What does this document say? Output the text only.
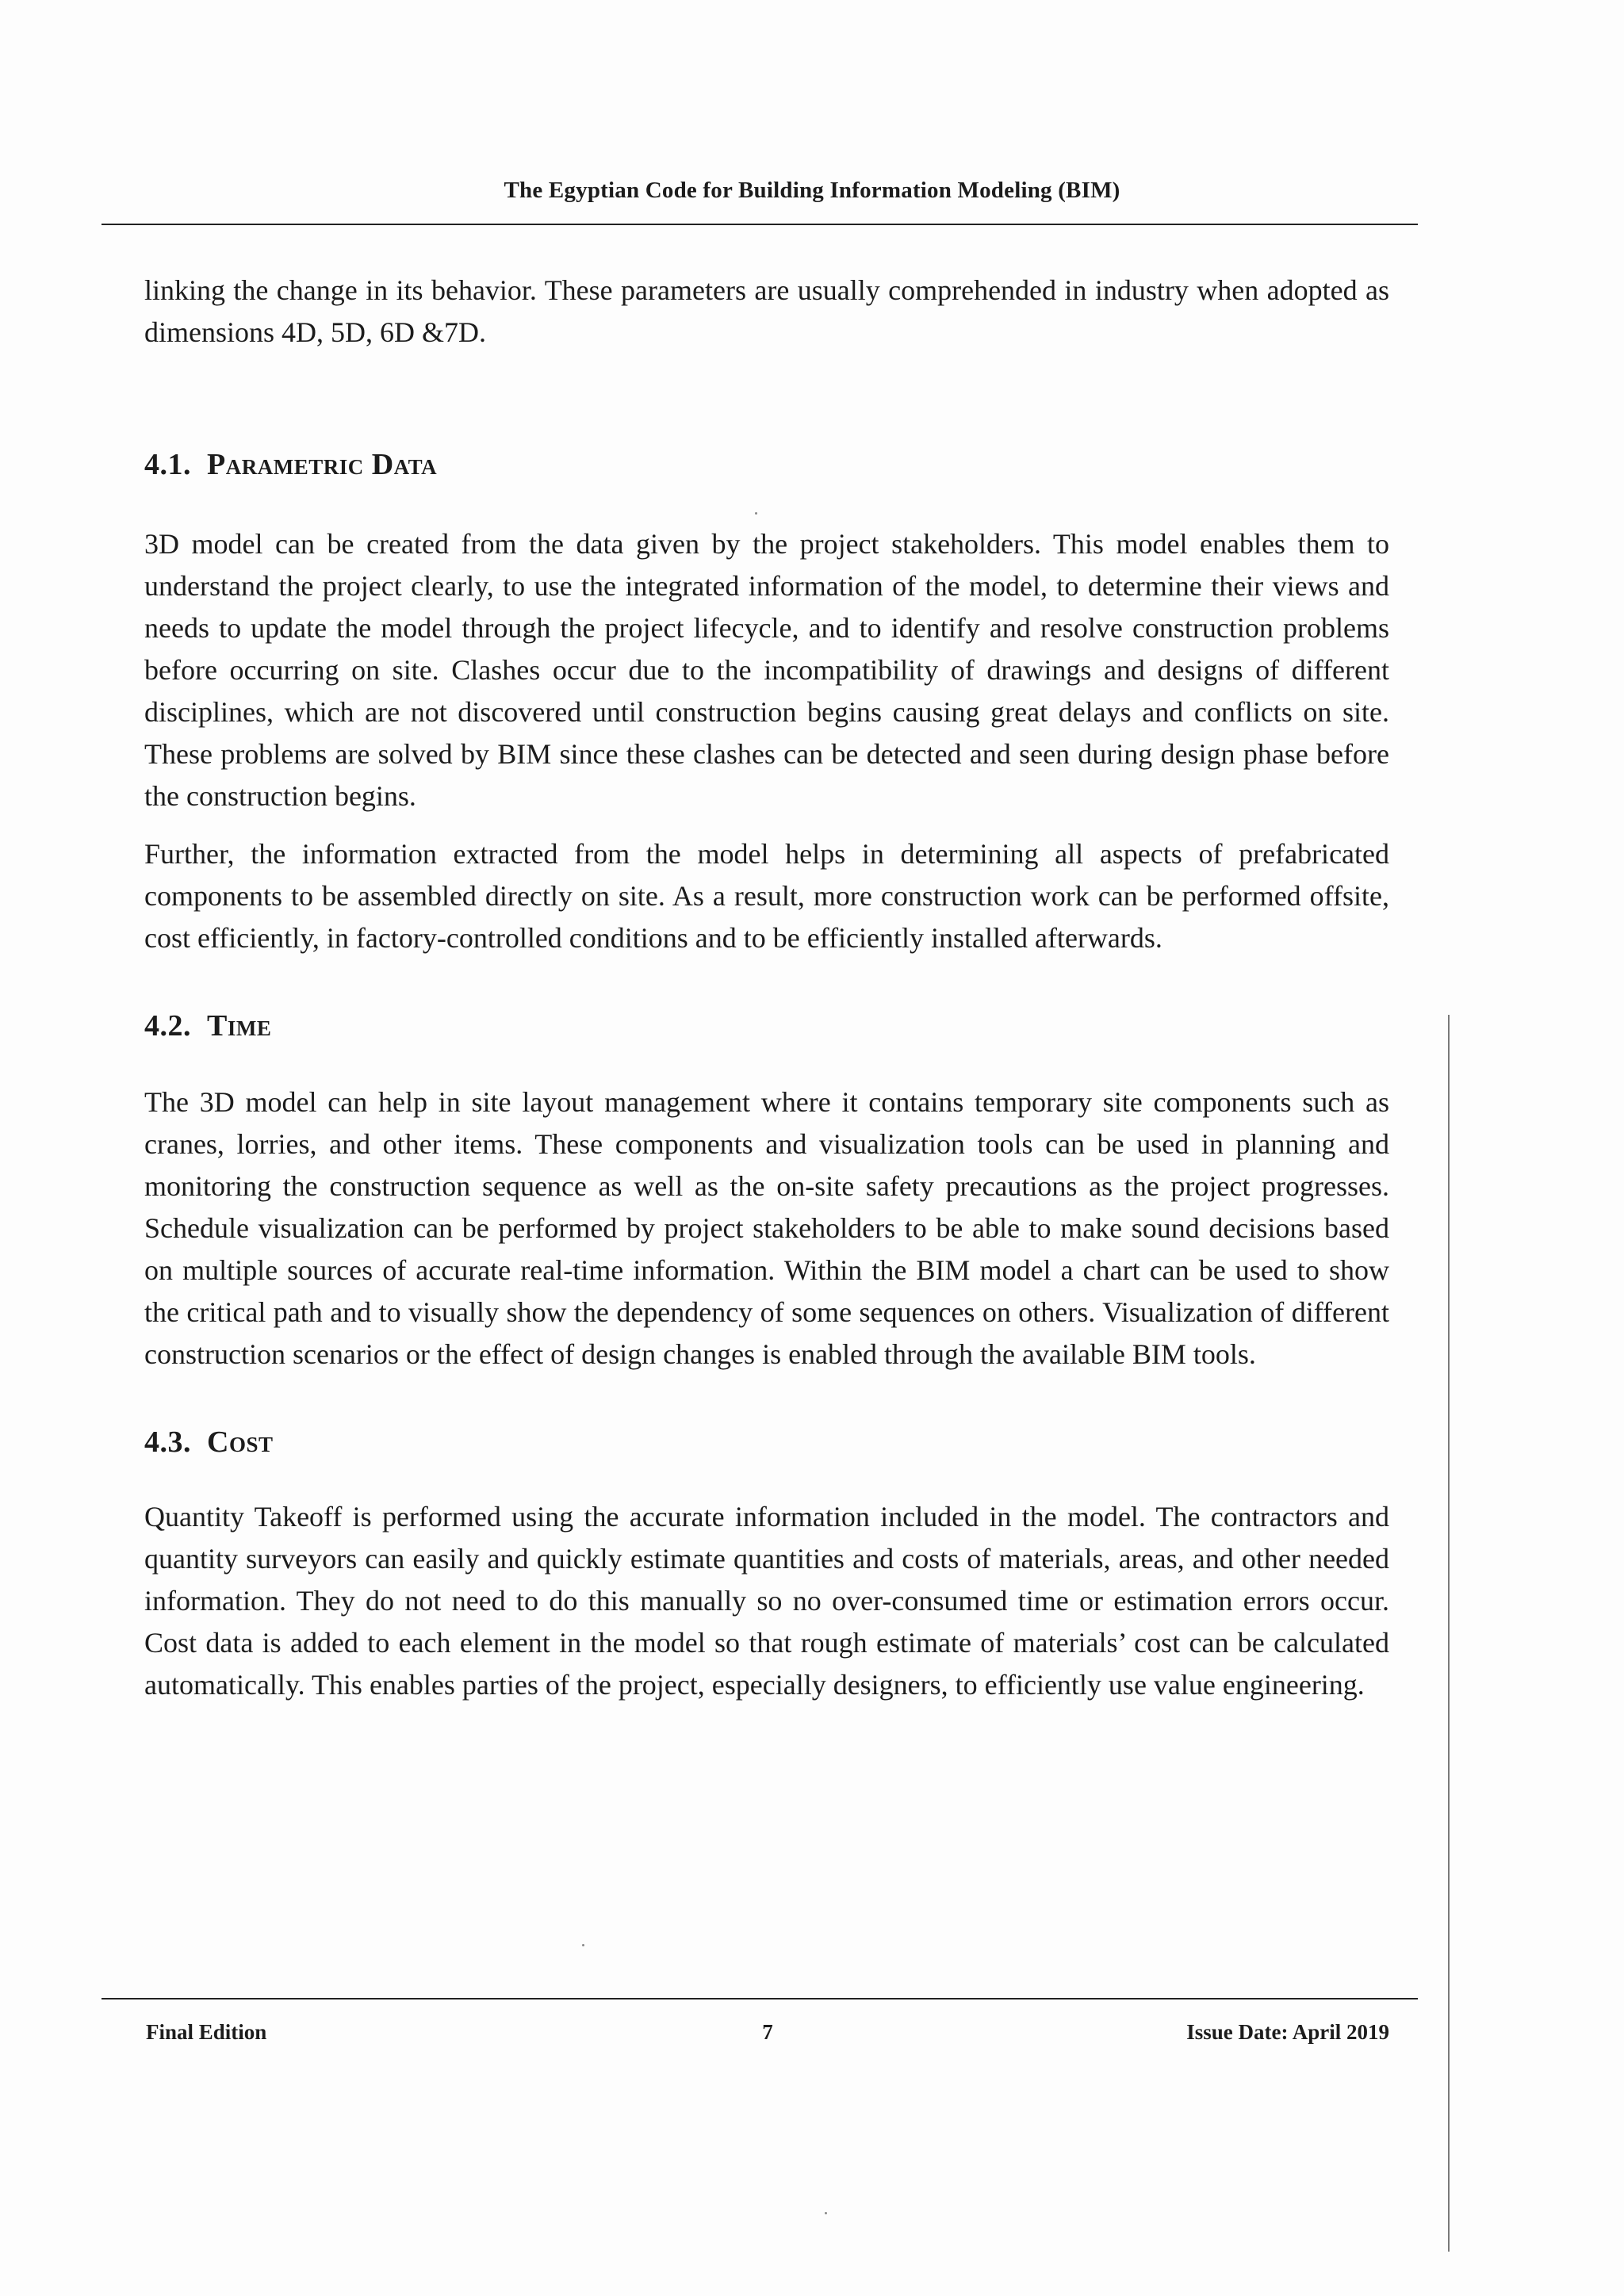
The Egyptian Code for Building Information Modeling (BIM)

linking the change in its behavior. These parameters are usually comprehended in industry when adopted as dimensions 4D, 5D, 6D &7D.

4.1. Parametric Data

3D model can be created from the data given by the project stakeholders. This model enables them to understand the project clearly, to use the integrated information of the model, to determine their views and needs to update the model through the project lifecycle, and to identify and resolve construction problems before occurring on site. Clashes occur due to the incompatibility of drawings and designs of different disciplines, which are not discovered until construction begins causing great delays and conflicts on site. These problems are solved by BIM since these clashes can be detected and seen during design phase before the construction begins.

Further, the information extracted from the model helps in determining all aspects of prefabricated components to be assembled directly on site. As a result, more construction work can be performed offsite, cost efficiently, in factory-controlled conditions and to be efficiently installed afterwards.

4.2. Time

The 3D model can help in site layout management where it contains temporary site components such as cranes, lorries, and other items. These components and visualization tools can be used in planning and monitoring the construction sequence as well as the on-site safety precautions as the project progresses. Schedule visualization can be performed by project stakeholders to be able to make sound decisions based on multiple sources of accurate real-time information. Within the BIM model a chart can be used to show the critical path and to visually show the dependency of some sequences on others. Visualization of different construction scenarios or the effect of design changes is enabled through the available BIM tools.

4.3. Cost

Quantity Takeoff is performed using the accurate information included in the model. The contractors and quantity surveyors can easily and quickly estimate quantities and costs of materials, areas, and other needed information. They do not need to do this manually so no over-consumed time or estimation errors occur. Cost data is added to each element in the model so that rough estimate of materials’ cost can be calculated automatically. This enables parties of the project, especially designers, to efficiently use value engineering.

Final Edition	7	Issue Date: April 2019
